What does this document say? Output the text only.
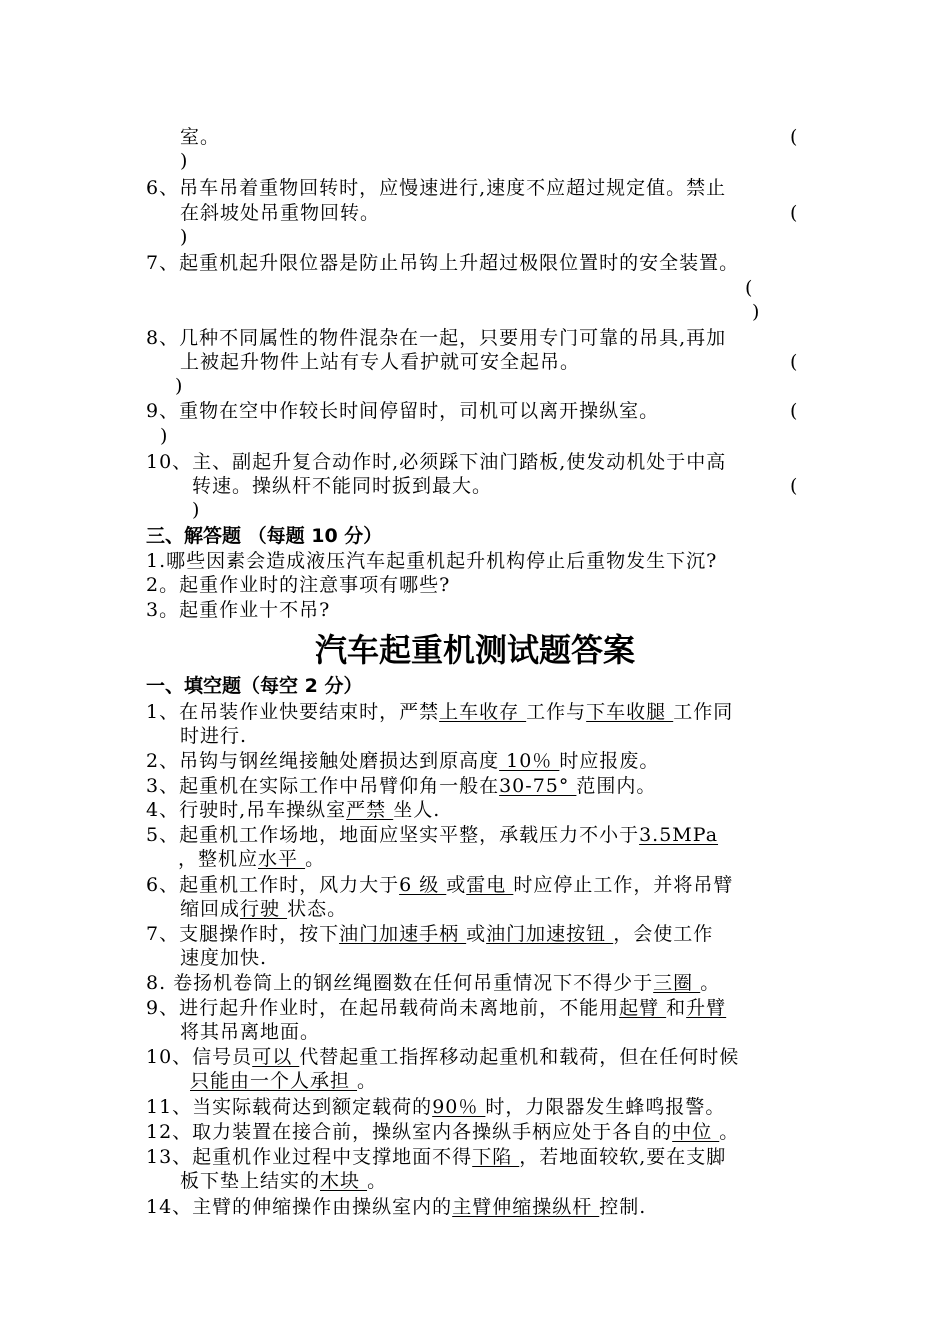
室。	(
)
6、吊车吊着重物回转时，应慢速进行,速度不应超过规定值。禁止
在斜坡处吊重物回转。	(
)
7、起重机起升限位器是防止吊钩上升超过极限位置时的安全装置。
(
)
8、几种不同属性的物件混杂在一起，只要用专门可靠的吊具,再加
上被起升物件上站有专人看护就可安全起吊。	(
)
9、重物在空中作较长时间停留时，司机可以离开操纵室。	(
)
10、主、副起升复合动作时,必须踩下油门踏板,使发动机处于中高
转速。操纵杆不能同时扳到最大。	(
)
三、解答题 （每题 10 分）
1.哪些因素会造成液压汽车起重机起升机构停止后重物发生下沉?
2。起重作业时的注意事项有哪些?
3。起重作业十不吊?
汽车起重机测试题答案
一、填空题（每空 2 分）
1、在吊装作业快要结束时，严禁上车收存 工作与下车收腿 工作同
时进行.
2、吊钩与钢丝绳接触处磨损达到原高度 10％ 时应报废。
3、起重机在实际工作中吊臂仰角一般在30-75° 范围内。
4、行驶时,吊车操纵室严禁 坐人.
5、起重机工作场地，地面应坚实平整，承载压力不小于3.5MPa
，整机应水平 。
6、起重机工作时，风力大于6 级 或雷电 时应停止工作，并将吊臂
缩回成行驶 状态。
7、支腿操作时，按下油门加速手柄 或油门加速按钮 ，会使工作
速度加快.
8. 卷扬机卷筒上的钢丝绳圈数在任何吊重情况下不得少于三圈 。
9、进行起升作业时，在起吊载荷尚未离地前，不能用起臂 和升臂
将其吊离地面。
10、信号员可以 代替起重工指挥移动起重机和载荷，但在任何时候
只能由一个人承担 。
11、当实际载荷达到额定载荷的90％ 时，力限器发生蜂鸣报警。
12、取力装置在接合前，操纵室内各操纵手柄应处于各自的中位 。
13、起重机作业过程中支撑地面不得下陷 ，若地面较软,要在支脚
板下垫上结实的木块 。
14、主臂的伸缩操作由操纵室内的主臂伸缩操纵杆 控制.
